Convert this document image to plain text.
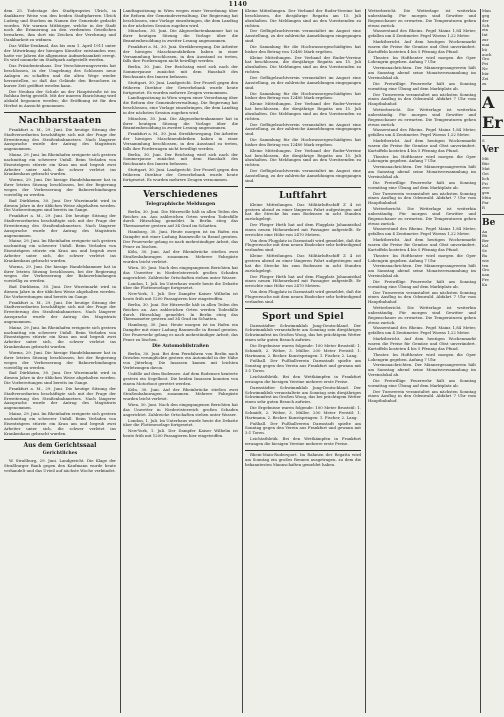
1140

dem 25. Todestage des Stadtpropstes Ulrich, in dankbarer Weise von den beiden Stadtpfarrern Ulrich Ludwig und Stoeben im Namen der Gemeinde gedacht worden. Wir warnen Mitbürger, welche in der Stadt noch die Erinnerung an den verdienten Geistlichen bewahren, ihm dort ein Zeichen der Verehrung und Dankbarkeit zu widmen.

Das Wilke-Denkmal, das bis zum 1. April 1911 unter der Mitwirkung der hiesigen Künstler entstanden war, hatte vor Jahren die allgemeine Aufmerksamkeit erregt. Es wird nunmehr im Stadtpark aufgestellt werden.

Das Präsidentenhaus. Der Verschönerungsverein hat beschlossen, in der Umgebung des Schlosses neue Anlagen zu schaffen und die alten Wege wieder herzustellen, so daß das Gelände den Besuchern in kurzer Zeit geöffnet werden kann.

Der Neubau der Schule an der Hauptstraße ist im Rohbau fertig gestellt. Mit der inneren Einrichtung wird alsbald begonnen werden; die Eröffnung ist für den Herbst in Aussicht genommen.

Nachbarstaaten

Frankfurt a. M., 29. Juni. Die heutige Sitzung der Stadtverordneten beschäftigte sich mit der Frage der Erweiterung des Straßenbahnnetzes. Nach längerer Aussprache wurde der Antrag des Magistrats angenommen.

Mainz, 29. Juni. Im Rheinhafen ereignete sich gestern nachmittag ein schwerer Unfall. Beim Verladen von Eisenträgern stürzte ein Kran um und begrub zwei Arbeiter unter sich, die schwer verletzt ins Krankenhaus gebracht wurden.

Worms, 29. Juni. Die hiesige Handelskammer hat in ihrer letzten Sitzung beschlossen, bei der Regierung wegen der Verbesserung der Bahnverbindungen vorstellig zu werden.

Bad Dürkheim, 30. Juni. Der Wurstmarkt wird in diesem Jahre in der üblichen Weise abgehalten werden. Die Vorbereitungen sind bereits im Gange.

Frankfurt a. M., 29. Juni. Die heutige Sitzung der Stadtverordneten beschäftigte sich mit der Frage der Erweiterung des Straßenbahnnetzes. Nach längerer Aussprache wurde der Antrag des Magistrats angenommen.

Mainz, 29. Juni. Im Rheinhafen ereignete sich gestern nachmittag ein schwerer Unfall. Beim Verladen von Eisenträgern stürzte ein Kran um und begrub zwei Arbeiter unter sich, die schwer verletzt ins Krankenhaus gebracht wurden.

Worms, 29. Juni. Die hiesige Handelskammer hat in ihrer letzten Sitzung beschlossen, bei der Regierung wegen der Verbesserung der Bahnverbindungen vorstellig zu werden.

Bad Dürkheim, 30. Juni. Der Wurstmarkt wird in diesem Jahre in der üblichen Weise abgehalten werden. Die Vorbereitungen sind bereits im Gange.

Frankfurt a. M., 29. Juni. Die heutige Sitzung der Stadtverordneten beschäftigte sich mit der Frage der Erweiterung des Straßenbahnnetzes. Nach längerer Aussprache wurde der Antrag des Magistrats angenommen.

Mainz, 29. Juni. Im Rheinhafen ereignete sich gestern nachmittag ein schwerer Unfall. Beim Verladen von Eisenträgern stürzte ein Kran um und begrub zwei Arbeiter unter sich, die schwer verletzt ins Krankenhaus gebracht wurden.

Worms, 29. Juni. Die hiesige Handelskammer hat in ihrer letzten Sitzung beschlossen, bei der Regierung wegen der Verbesserung der Bahnverbindungen vorstellig zu werden.

Bad Dürkheim, 30. Juni. Der Wurstmarkt wird in diesem Jahre in der üblichen Weise abgehalten werden. Die Vorbereitungen sind bereits im Gange.

Frankfurt a. M., 29. Juni. Die heutige Sitzung der Stadtverordneten beschäftigte sich mit der Frage der Erweiterung des Straßenbahnnetzes. Nach längerer Aussprache wurde der Antrag des Magistrats angenommen.

Mainz, 29. Juni. Im Rheinhafen ereignete sich gestern nachmittag ein schwerer Unfall. Beim Verladen von Eisenträgern stürzte ein Kran um und begrub zwei Arbeiter unter sich, die schwer verletzt ins Krankenhaus gebracht wurden.

Aus dem Gerichtssaal
Gerichtliches

W. Straßburg, 29. Juni. Landgericht. Die Klage der Straßburger Bank gegen den Kaufmann wurde heute verhandelt und das Urteil auf nächste Woche verkündet.

Landtagssitzung in Wien wegen einer Verordnung über die Reform der Gemeindeverwaltung. Die Regierung hat beschlossen, eine Vorlage einzubringen, die dem Landtag in der nächsten Session zugehen wird.

München, 30. Juni. Die Abgeordnetenkammer hat in ihrer heutigen Sitzung die Vorlage über die Beamtenbesoldung in zweiter Lesung angenommen.

Frankfurt a. M., 30. Juni. Streikbewegung. Die Arbeiter der hiesigen Maschinenfabriken haben in einer Versammlung beschlossen, in den Ausstand zu treten, falls ihre Forderungen nicht bewilligt werden.

Berlin, 30. Juni. Der Reichstag wird sich nach der Sommerpause zunächst mit dem Haushalt des Reichsamts des Innern befassen.

Stuttgart, 30. Juni. Landgericht. Der Prozeß gegen den früheren Direktor der Gewerbebank wurde heute fortgesetzt. Es wurden mehrere Zeugen vernommen.

Landtagssitzung in Wien wegen einer Verordnung über die Reform der Gemeindeverwaltung. Die Regierung hat beschlossen, eine Vorlage einzubringen, die dem Landtag in der nächsten Session zugehen wird.

München, 30. Juni. Die Abgeordnetenkammer hat in ihrer heutigen Sitzung die Vorlage über die Beamtenbesoldung in zweiter Lesung angenommen.

Frankfurt a. M., 30. Juni. Streikbewegung. Die Arbeiter der hiesigen Maschinenfabriken haben in einer Versammlung beschlossen, in den Ausstand zu treten, falls ihre Forderungen nicht bewilligt werden.

Berlin, 30. Juni. Der Reichstag wird sich nach der Sommerpause zunächst mit dem Haushalt des Reichsamts des Innern befassen.

Stuttgart, 30. Juni. Landgericht. Der Prozeß gegen den früheren Direktor der Gewerbebank wurde heute fortgesetzt. Es wurden mehrere Zeugen vernommen.

Verschiedenes
Telegraphische Meldungen

Berlin, 30. Juni. Die Hitzewelle hält in allen Teilen des Reiches an. Aus zahlreichen Orten werden Todesfälle durch Hitzschlag gemeldet. In Berlin stieg das Thermometer gestern auf 34 Grad im Schatten.

Hamburg, 30. Juni. Heute morgen ist im Hafen ein Dampfer mit einer Ladung Baumwolle in Brand geraten. Der Feuerwehr gelang es nach mehrstündiger Arbeit, das Feuer zu löschen.

Köln, 30. Juni. Auf der Rheinbrücke stießen zwei Straßenbahnwagen zusammen. Mehrere Fahrgäste wurden leicht verletzt.

Wien, 30. Juni. Nach den eingegangenen Berichten hat das Unwetter in Niederösterreich großen Schaden angerichtet. Zahlreiche Ortschaften stehen unter Wasser.

London, 1. Juli. Im Unterhaus wurde heute die Debatte über die Flottenvorlage fortgesetzt.

New-York, 1. Juli. Der Dampfer Kaiser Wilhelm ist heute früh mit 1200 Passagieren hier eingetroffen.

Berlin, 30. Juni. Die Hitzewelle hält in allen Teilen des Reiches an. Aus zahlreichen Orten werden Todesfälle durch Hitzschlag gemeldet. In Berlin stieg das Thermometer gestern auf 34 Grad im Schatten.

Hamburg, 30. Juni. Heute morgen ist im Hafen ein Dampfer mit einer Ladung Baumwolle in Brand geraten. Der Feuerwehr gelang es nach mehrstündiger Arbeit, das Feuer zu löschen.

Die Automobilstraßen

Berlin, 30. Juni. Bei dem Fernfahren von Berlin nach Dresden verunglückte gestern ein Automobil in der Nähe von Jüterbog. Die Insassen kamen mit leichten Verletzungen davon.

Unfälle auf dem Bodensee. Auf dem Bodensee kenterte gestern ein Segelboot. Die beiden Insassen konnten von einem Motorboot gerettet werden.

Köln, 30. Juni. Auf der Rheinbrücke stießen zwei Straßenbahnwagen zusammen. Mehrere Fahrgäste wurden leicht verletzt.

Wien, 30. Juni. Nach den eingegangenen Berichten hat das Unwetter in Niederösterreich großen Schaden angerichtet. Zahlreiche Ortschaften stehen unter Wasser.

London, 1. Juli. Im Unterhaus wurde heute die Debatte über die Flottenvorlage fortgesetzt.

New-York, 1. Juli. Der Dampfer Kaiser Wilhelm ist heute früh mit 1200 Passagieren hier eingetroffen.

Kleine Mitteilungen. Der Verband der Ruder-Vereine hat beschlossen, die diesjährige Regatta am 15. Juli abzuhalten. Die Meldungen sind an den Vorsitzenden zu richten.

Der Geflügelzuchtverein veranstaltet im August eine Ausstellung, zu der zahlreiche Anmeldungen eingegangen sind.

Die Sammlung für die Hochwassergeschädigten hat bisher den Betrag von 12480 Mark ergeben.

Kleine Mitteilungen. Der Verband der Ruder-Vereine hat beschlossen, die diesjährige Regatta am 15. Juli abzuhalten. Die Meldungen sind an den Vorsitzenden zu richten.

Der Geflügelzuchtverein veranstaltet im August eine Ausstellung, zu der zahlreiche Anmeldungen eingegangen sind.

Die Sammlung für die Hochwassergeschädigten hat bisher den Betrag von 12480 Mark ergeben.

Kleine Mitteilungen. Der Verband der Ruder-Vereine hat beschlossen, die diesjährige Regatta am 15. Juli abzuhalten. Die Meldungen sind an den Vorsitzenden zu richten.

Der Geflügelzuchtverein veranstaltet im August eine Ausstellung, zu der zahlreiche Anmeldungen eingegangen sind.

Die Sammlung für die Hochwassergeschädigten hat bisher den Betrag von 12480 Mark ergeben.

Kleine Mitteilungen. Der Verband der Ruder-Vereine hat beschlossen, die diesjährige Regatta am 15. Juli abzuhalten. Die Meldungen sind an den Vorsitzenden zu richten.

Der Geflügelzuchtverein veranstaltet im August eine Ausstellung, zu der zahlreiche Anmeldungen eingegangen sind.

Luftfahrt

Kleine Mitteilungen. Das Militärluftschiff Z 4 ist gestern abend zu einer längeren Fahrt aufgestiegen und hat die Strecke bis zum Bodensee in acht Stunden zurückgelegt.

Der Flieger Hirth hat auf dem Flugplatz Johannisthal einen neuen Höhenrekord mit Passagier aufgestellt. Er erreichte eine Höhe von 2470 Metern.

Von dem Flugplatz in Darmstadt wird gemeldet, daß die Flugversuche mit dem neuen Eindecker sehr befriedigend verlaufen sind.

Kleine Mitteilungen. Das Militärluftschiff Z 4 ist gestern abend zu einer längeren Fahrt aufgestiegen und hat die Strecke bis zum Bodensee in acht Stunden zurückgelegt.

Der Flieger Hirth hat auf dem Flugplatz Johannisthal einen neuen Höhenrekord mit Passagier aufgestellt. Er erreichte eine Höhe von 2470 Metern.

Von dem Flugplatz in Darmstadt wird gemeldet, daß die Flugversuche mit dem neuen Eindecker sehr befriedigend verlaufen sind.

Sport und Spiel

Darmstädter Schwimmklub Jung-Deutschland. Der Schwimmklub veranstaltete am Sonntag sein diesjähriges Schwimmfest im Großen Woog, das bei prächtigem Wetter einen sehr guten Besuch aufwies.

Die Ergebnisse waren folgende: 100 Meter Bruststil: 1. Schmidt, 2. Weber, 3. Müller. 200 Meter Freistil: 1. Hartmann, 2. Becker. Kunstspringen: 1. Fischer, 2. Lang.

Fußball. Der Fußballverein Darmstadt spielte am Sonntag gegen den Verein aus Frankfurt und gewann mit 3:1 Toren.

Leichtathletik. Bei den Wettkämpfen in Frankfurt errangen die hiesigen Vereine mehrere erste Preise.

Darmstädter Schwimmklub Jung-Deutschland. Der Schwimmklub veranstaltete am Sonntag sein diesjähriges Schwimmfest im Großen Woog, das bei prächtigem Wetter einen sehr guten Besuch aufwies.

Die Ergebnisse waren folgende: 100 Meter Bruststil: 1. Schmidt, 2. Weber, 3. Müller. 200 Meter Freistil: 1. Hartmann, 2. Becker. Kunstspringen: 1. Fischer, 2. Lang.

Fußball. Der Fußballverein Darmstadt spielte am Sonntag gegen den Verein aus Frankfurt und gewann mit 3:1 Toren.

Leichtathletik. Bei den Wettkämpfen in Frankfurt errangen die hiesigen Vereine mehrere erste Preise.

Rhein-Main-Rudersport. Im Rahmen der Regatta wird am Sonntag ein großes Rennen ausgetragen, zu dem die bekanntesten Mannschaften gemeldet haben.

Wetterbericht. Die Wetterlage ist weiterhin unbeständig. Für morgen sind Gewitter und Regenschauer zu erwarten. Die Temperaturen gehen etwas zurück.

Wasserstand des Rheins. Pegel Mainz 1,84 Meter, gefallen um 4 Zentimeter. Pegel Worms 1,22 Meter.

Marktbericht. Auf dem heutigen Wochenmarkt waren die Preise für Gemüse und Obst unverändert. Kartoffeln kosteten 4 bis 5 Pfennig das Pfund.

Theater. Im Hoftheater wird morgen die Oper Lohengrin gegeben. Anfang 7 Uhr.

Vereinsnachrichten. Der Männergesangverein hält am Samstag abend seine Monatsversammlung im Vereinslokal ab.

Die Freiwillige Feuerwehr hält am Sonntag vormittag eine Übung auf dem Marktplatz ab.

Der Turnverein veranstaltet am nächsten Sonntag einen Ausflug in den Odenwald. Abfahrt 7 Uhr vom Hauptbahnhof.

Wetterbericht. Die Wetterlage ist weiterhin unbeständig. Für morgen sind Gewitter und Regenschauer zu erwarten. Die Temperaturen gehen etwas zurück.

Wasserstand des Rheins. Pegel Mainz 1,84 Meter, gefallen um 4 Zentimeter. Pegel Worms 1,22 Meter.

Marktbericht. Auf dem heutigen Wochenmarkt waren die Preise für Gemüse und Obst unverändert. Kartoffeln kosteten 4 bis 5 Pfennig das Pfund.

Theater. Im Hoftheater wird morgen die Oper Lohengrin gegeben. Anfang 7 Uhr.

Vereinsnachrichten. Der Männergesangverein hält am Samstag abend seine Monatsversammlung im Vereinslokal ab.

Die Freiwillige Feuerwehr hält am Sonntag vormittag eine Übung auf dem Marktplatz ab.

Der Turnverein veranstaltet am nächsten Sonntag einen Ausflug in den Odenwald. Abfahrt 7 Uhr vom Hauptbahnhof.

Wetterbericht. Die Wetterlage ist weiterhin unbeständig. Für morgen sind Gewitter und Regenschauer zu erwarten. Die Temperaturen gehen etwas zurück.

Wasserstand des Rheins. Pegel Mainz 1,84 Meter, gefallen um 4 Zentimeter. Pegel Worms 1,22 Meter.

Marktbericht. Auf dem heutigen Wochenmarkt waren die Preise für Gemüse und Obst unverändert. Kartoffeln kosteten 4 bis 5 Pfennig das Pfund.

Theater. Im Hoftheater wird morgen die Oper Lohengrin gegeben. Anfang 7 Uhr.

Vereinsnachrichten. Der Männergesangverein hält am Samstag abend seine Monatsversammlung im Vereinslokal ab.

Die Freiwillige Feuerwehr hält am Sonntag vormittag eine Übung auf dem Marktplatz ab.

Der Turnverein veranstaltet am nächsten Sonntag einen Ausflug in den Odenwald. Abfahrt 7 Uhr vom Hauptbahnhof.

Wetterbericht. Die Wetterlage ist weiterhin unbeständig. Für morgen sind Gewitter und Regenschauer zu erwarten. Die Temperaturen gehen etwas zurück.

Wasserstand des Rheins. Pegel Mainz 1,84 Meter, gefallen um 4 Zentimeter. Pegel Worms 1,22 Meter.

Marktbericht. Auf dem heutigen Wochenmarkt waren die Preise für Gemüse und Obst unverändert. Kartoffeln kosteten 4 bis 5 Pfennig das Pfund.

Theater. Im Hoftheater wird morgen die Oper Lohengrin gegeben. Anfang 7 Uhr.

Vereinsnachrichten. Der Männergesangverein hält am Samstag abend seine Monatsversammlung im Vereinslokal ab.

Die Freiwillige Feuerwehr hält am Sonntag vormittag eine Übung auf dem Marktplatz ab.

Der Turnverein veranstaltet am nächsten Sonntag einen Ausflug in den Odenwald. Abfahrt 7 Uhr vom Hauptbahnhof.

Man
geg
der
Sch
ein
Int
zur
mai
bü
auch
Gro
Pei
Ne
bür
Zei
zu
A
Er
S
Ver
Mit
Bür
Mat
Gei
lich
Fri
zwe
gen
Mün
Par
R
Be
Au
Bü
Ber
Kol
Se
Ba
wie
ten
Gro
nan
Fre
Ka
